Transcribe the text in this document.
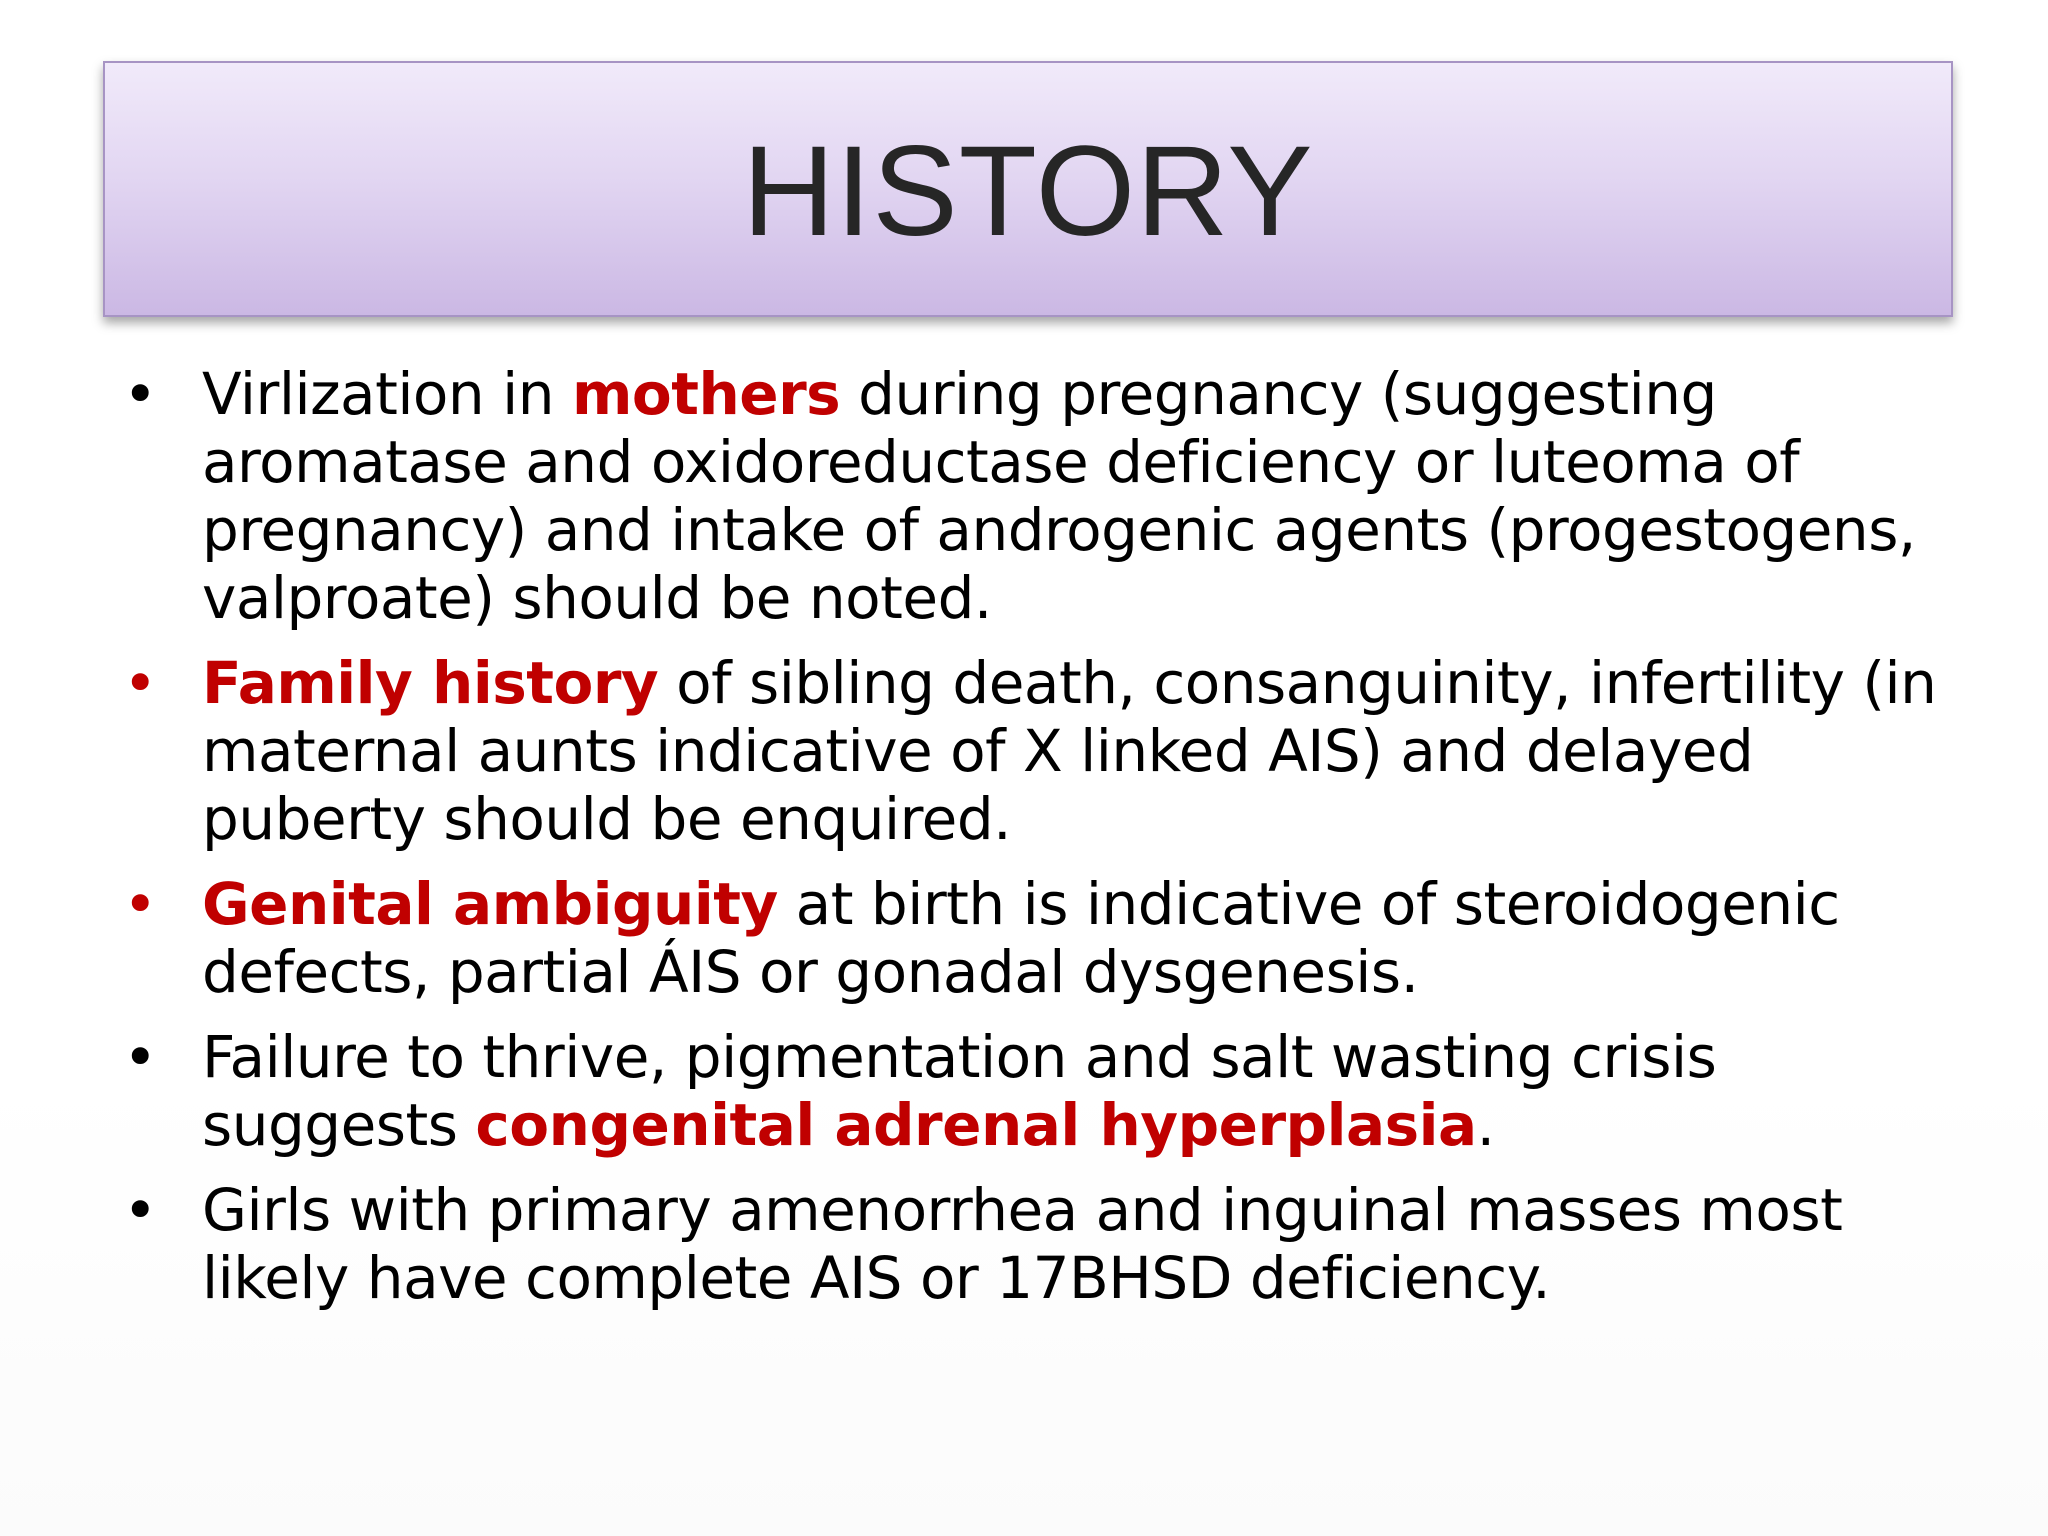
HISTORY
• Virlization in mothers during pregnancy (suggesting aromatase and oxidoreductase deficiency or luteoma of pregnancy) and intake of androgenic agents (progestogens, valproate) should be noted.
• Family history of sibling death, consanguinity, infertility (in maternal aunts indicative of X linked AIS) and delayed puberty should be enquired.
• Genital ambiguity at birth is indicative of steroidogenic defects, partial ÁIS or gonadal dysgenesis.
• Failure to thrive, pigmentation and salt wasting crisis suggests congenital adrenal hyperplasia.
• Girls with primary amenorrhea and inguinal masses most likely have complete AIS or 17BHSD deficiency.
